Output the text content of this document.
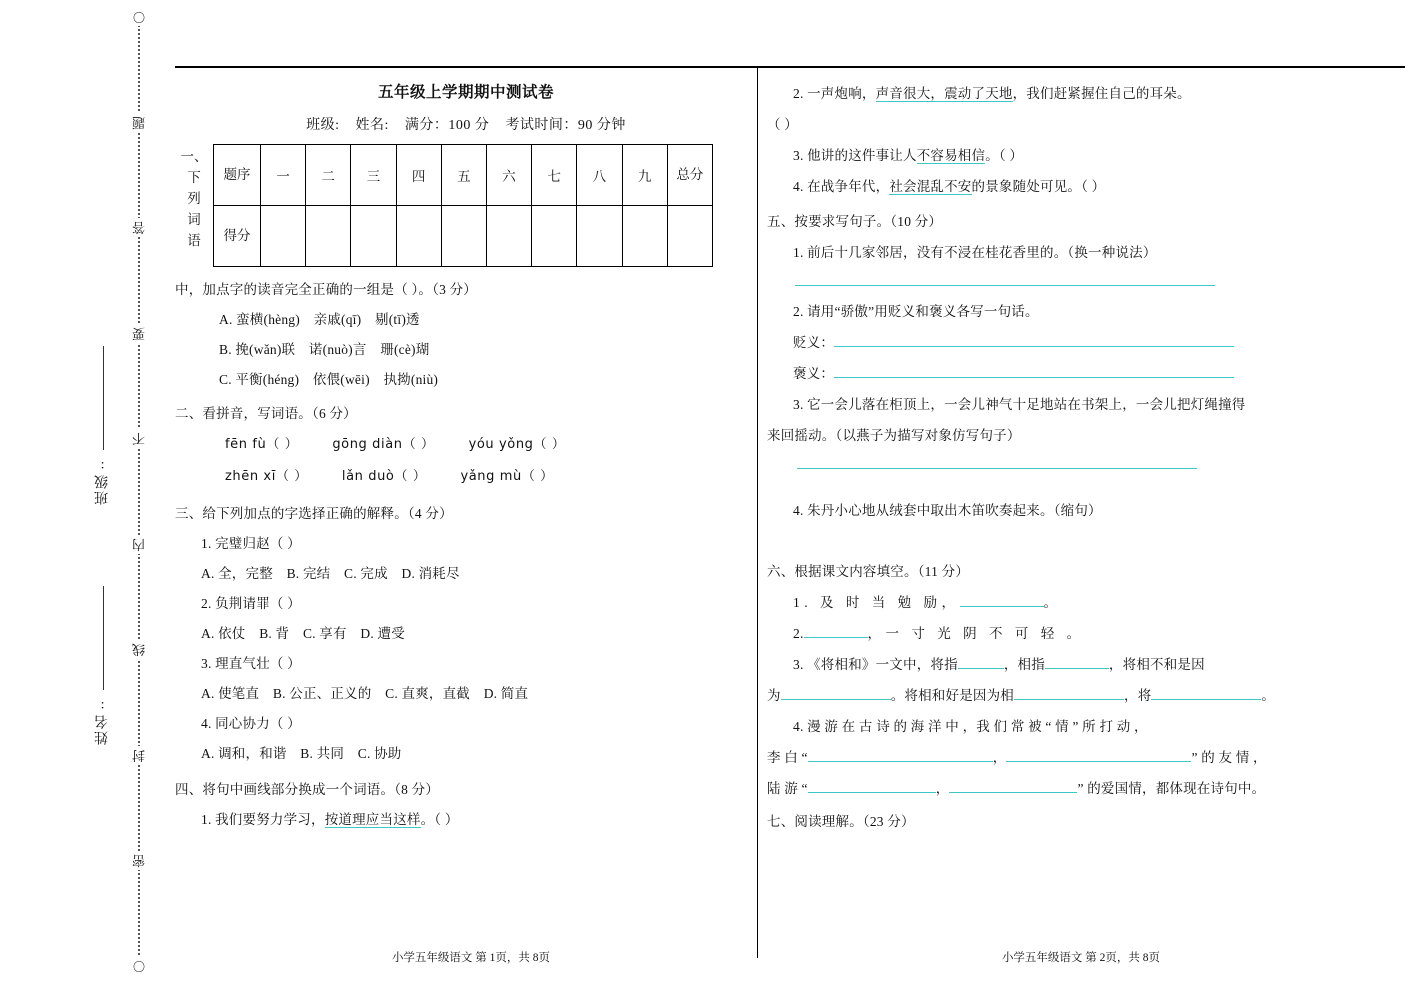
班级:
姓名:
〇
题
答
要
不
内
线
封
密
〇
五年级上学期期中测试卷
班级: 姓名: 满分：100 分 考试时间：90 分钟
一、
下
列
词
语
题序	一	二	三	四	五	六	七	八	九	总分
得分										
中，加点字的读音完全正确的一组是（ ）。（3 分）
A. 蛮横(hèng)　亲戚(qī)　剔(tī)透
B. 挽(wǎn)联　诺(nuò)言　珊(cè)瑚
C. 平衡(héng)　依偎(wēi)　执拗(niù)
二、看拼音，写词语。（6 分）
fēn fù（ ）	gōng diàn（ ）	yóu yǒng（ ）
zhēn xī（ ）	lǎn duò（ ）	yǎng mù（ ）
三、给下列加点的字选择正确的解释。（4 分）
1. 完璧归赵（ ）
A. 全，完整　B. 完结　C. 完成　D. 消耗尽
2. 负荆请罪（ ）
A. 依仗　B. 背　C. 享有　D. 遭受
3. 理直气壮（ ）
A. 使笔直　B. 公正、正义的　C. 直爽，直截　D. 简直
4. 同心协力（ ）
A. 调和，和谐　B. 共同　C. 协助
四、将句中画线部分换成一个词语。（8 分）
1. 我们要努力学习，按道理应当这样。（ ）
小学五年级语文 第 1页，共 8页
2. 一声炮响，声音很大，震动了天地，我们赶紧握住自己的耳朵。
（ ）
3. 他讲的这件事让人不容易相信。（ ）
4. 在战争年代，社会混乱不安的景象随处可见。（ ）
五、按要求写句子。（10 分）
1. 前后十几家邻居，没有不浸在桂花香里的。（换一种说法）
2. 请用“骄傲”用贬义和褒义各写一句话。
贬义：
褒义：
3. 它一会儿落在柜顶上，一会儿神气十足地站在书架上，一会儿把灯绳撞得
来回摇动。（以燕子为描写对象仿写句子）
4. 朱丹小心地从绒套中取出木笛吹奏起来。（缩句）
六、根据课文内容填空。（11 分）
1. 及 时 当 勉 励，	。
2.	，一 寸 光 阴 不 可 轻 。
3. 《将相和》一文中，将指	，相指	，将相不和是因
为	。将相和好是因为相	，将	。
4. 漫 游 在 古 诗 的 海 洋 中 ，我 们 常 被 “ 情 ” 所 打 动 ，
李 白 “	，	” 的 友 情 ，
陆 游 “	，	” 的爱国情，都体现在诗句中。
七、阅读理解。（23 分）
小学五年级语文 第 2页，共 8页
